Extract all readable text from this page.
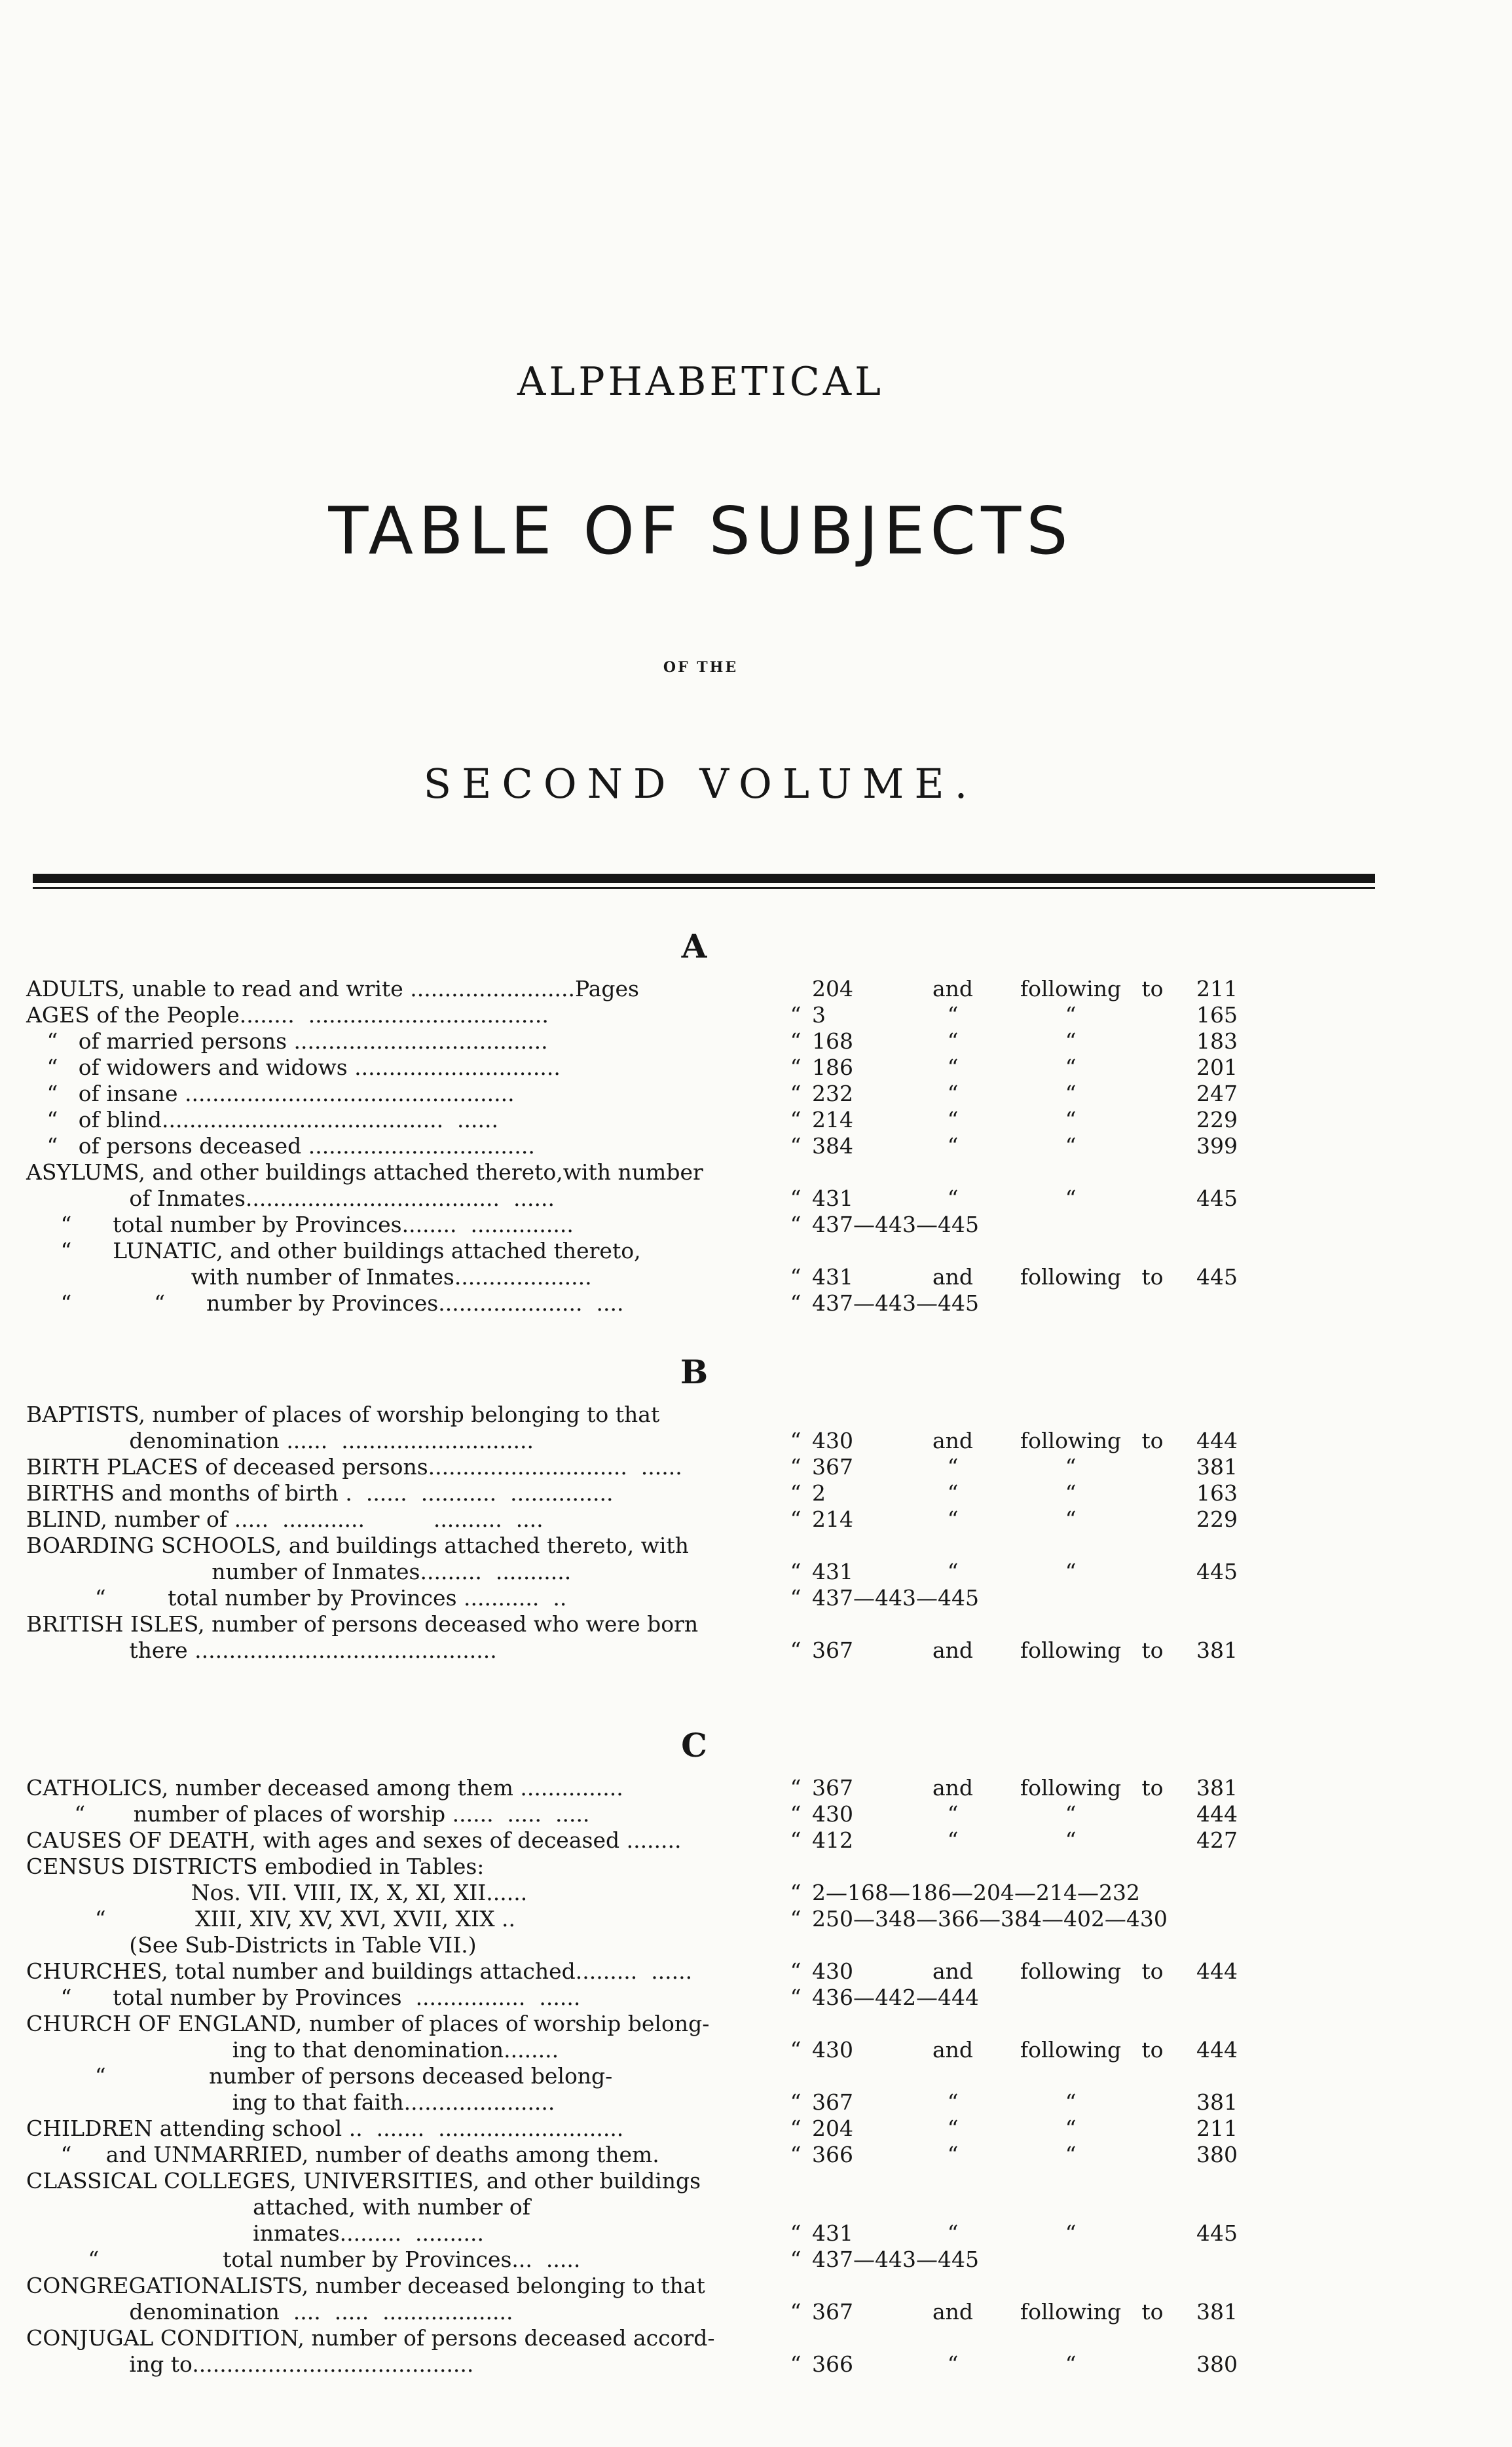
ALPHABETICAL
TABLE OF SUBJECTS
OF THE
SECOND VOLUME.
A
ADULTS, unable to read and write ........................Pages	204	and	following to	211
AGES of the People........  ...................................	“ 3	“	“	165
“   of married persons .....................................	“ 168	“	“	183
“   of widowers and widows ..............................	“ 186	“	“	201
“   of insane ................................................	“ 232	“	“	247
“   of blind.........................................  ......	“ 214	“	“	229
“   of persons deceased .................................	“ 384	“	“	399
ASYLUMS, and other buildings attached thereto,with number
of Inmates.....................................  ......	“ 431	“	“	445
“      total number by Provinces........  ...............	“ 437—443—445
“      LUNATIC, and other buildings attached thereto,
with number of Inmates....................	“ 431	and	following to	445
“            “      number by Provinces.....................  ....	“ 437—443—445
B
BAPTISTS, number of places of worship belonging to that
denomination ......  ............................	“ 430	and	following to	444
BIRTH PLACES of deceased persons.............................  ......	“ 367	“	“	381
BIRTHS and months of birth .  ......  ...........  ...............	“ 2	“	“	163
BLIND, number of .....  ............          ..........  ....	“ 214	“	“	229
BOARDING SCHOOLS, and buildings attached thereto, with
number of Inmates.........  ...........	“ 431	“	“	445
“         total number by Provinces ...........  ..	“ 437—443—445
BRITISH ISLES, number of persons deceased who were born
there ............................................	“ 367	and	following to	381
C
CATHOLICS, number deceased among them ...............	“ 367	and	following to	381
“       number of places of worship ......  .....  .....	“ 430	“	“	444
CAUSES OF DEATH, with ages and sexes of deceased ........	“ 412	“	“	427
CENSUS DISTRICTS embodied in Tables:
Nos. VII. VIII, IX, X, XI, XII......	“ 2—168—186—204—214—232
“             XIII, XIV, XV, XVI, XVII, XIX ..	“ 250—348—366—384—402—430
(See Sub-Districts in Table VII.)
CHURCHES, total number and buildings attached.........  ......	“ 430	and	following to	444
“      total number by Provinces  ................  ......	“ 436—442—444
CHURCH OF ENGLAND, number of places of worship belong-
ing to that denomination........	“ 430	and	following to	444
“               number of persons deceased belong-
ing to that faith......................	“ 367	“	“	381
CHILDREN attending school ..  .......  ...........................	“ 204	“	“	211
“     and UNMARRIED, number of deaths among them.	“ 366	“	“	380
CLASSICAL COLLEGES, UNIVERSITIES, and other buildings
attached, with number of
inmates.........  ..........	“ 431	“	“	445
“                  total number by Provinces...  .....	“ 437—443—445
CONGREGATIONALISTS, number deceased belonging to that
denomination  ....  .....  ...................	“ 367	and	following to	381
CONJUGAL CONDITION, number of persons deceased accord-
ing to.........................................	“ 366	“	“	380
